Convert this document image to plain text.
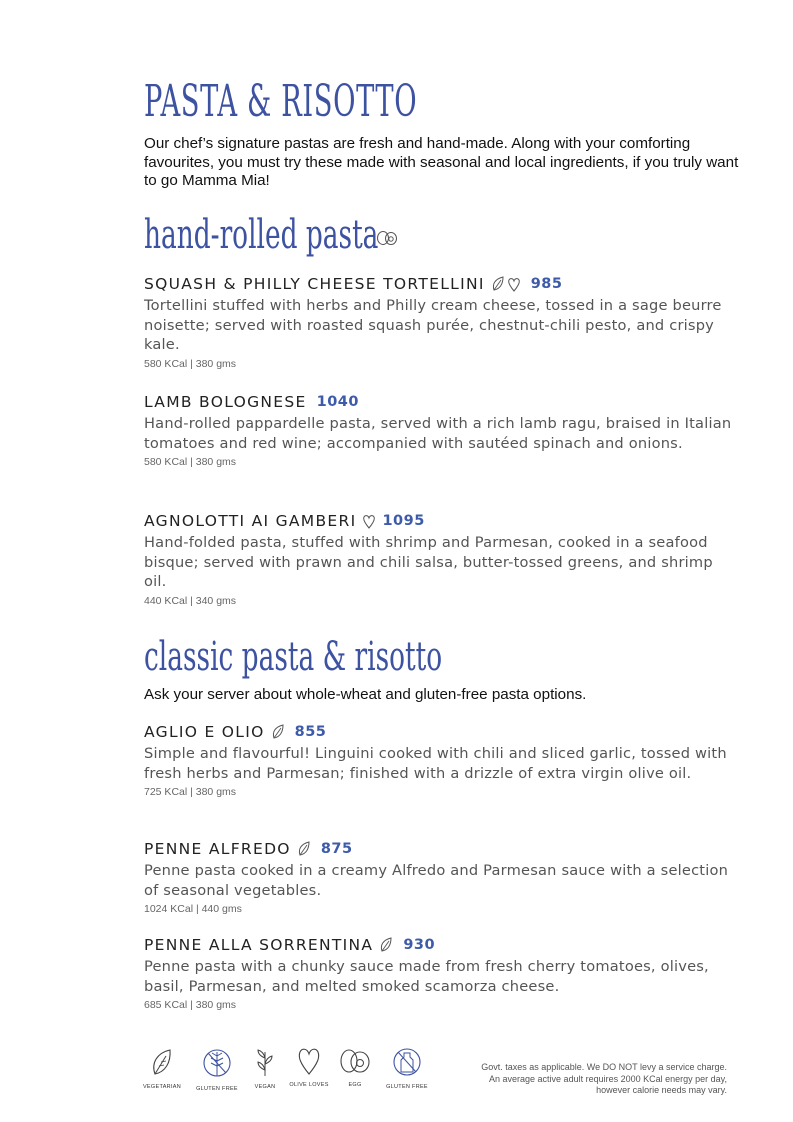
PASTA & RISOTTO
Our chef’s signature pastas are fresh and hand-made. Along with your comforting favourites, you must try these made with seasonal and local ingredients, if you truly want to go Mamma Mia!
hand-rolled pasta
SQUASH & PHILLY CHEESE TORTELLINI	985
Tortellini stuffed with herbs and Philly cream cheese, tossed in a sage beurre noisette; served with roasted squash purée, chestnut-chili pesto, and crispy kale.
580 KCal | 380 gms
LAMB BOLOGNESE 1040
Hand-rolled pappardelle pasta, served with a rich lamb ragu, braised in Italian tomatoes and red wine; accompanied with sautéed spinach and onions.
580 KCal | 380 gms
AGNOLOTTI AI GAMBERI 1095
Hand-folded pasta, stuffed with shrimp and Parmesan, cooked in a seafood bisque; served with prawn and chili salsa, butter-tossed greens, and shrimp oil.
440 KCal | 340 gms
classic pasta & risotto
Ask your server about whole-wheat and gluten-free pasta options.
AGLIO E OLIO 855
Simple and flavourful! Linguini cooked with chili and sliced garlic, tossed with fresh herbs and Parmesan; finished with a drizzle of extra virgin olive oil.
725 KCal | 380 gms
PENNE ALFREDO 875
Penne pasta cooked in a creamy Alfredo and Parmesan sauce with a selection of seasonal vegetables.
1024 KCal | 440 gms
PENNE ALLA SORRENTINA 930
Penne pasta with a chunky sauce made from fresh cherry tomatoes, olives, basil, Parmesan, and melted smoked scamorza cheese.
685 KCal | 380 gms
VEGETARIAN	GLUTEN FREE	VEGAN	OLIVE LOVES	EGG	GLUTEN FREE
Govt. taxes as applicable. We DO NOT levy a service charge.
An average active adult requires 2000 KCal energy per day,
however calorie needs may vary.
